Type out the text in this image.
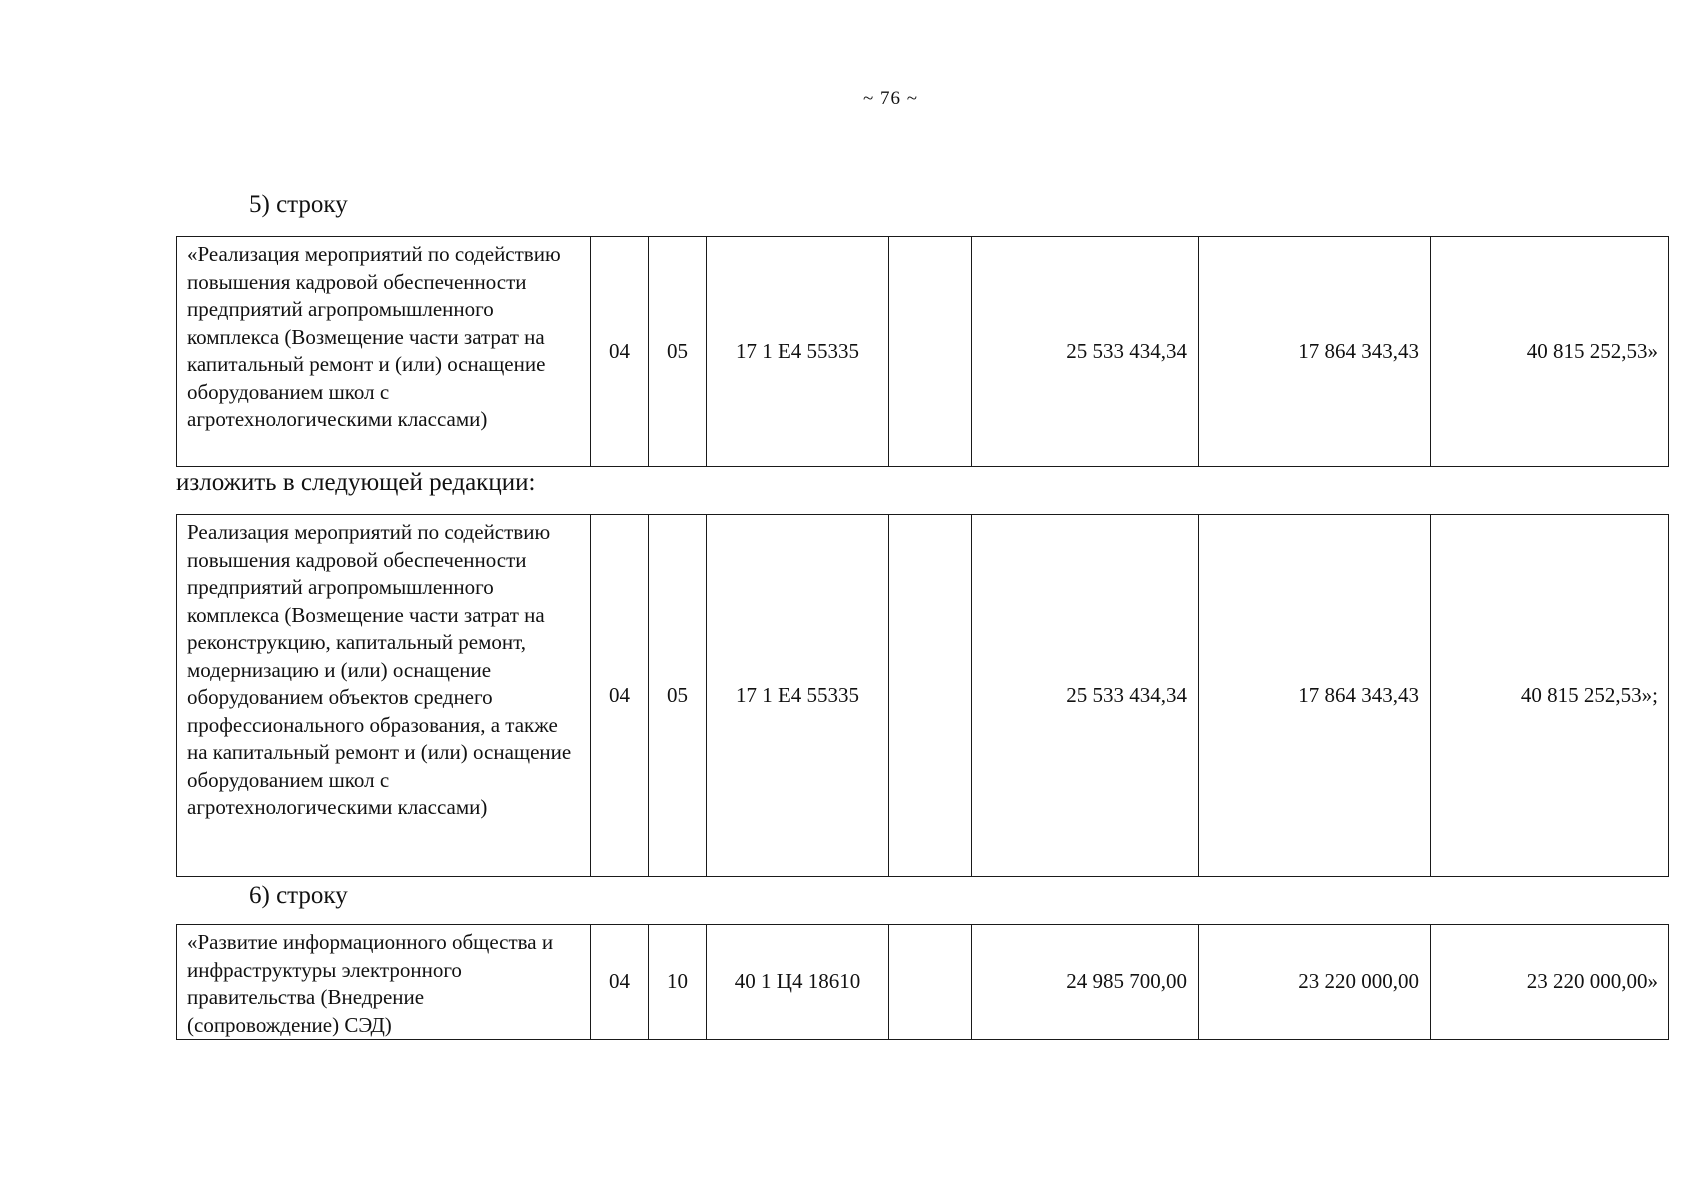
~ 76 ~
5) строку
«Реализация мероприятий по содействию повышения кадровой обеспеченности предприятий агропромышленного комплекса (Возмещение части затрат на капитальный ремонт и (или) оснащение оборудованием школ с агротехнологическими классами)	04	05	17 1 Е4 55335		25 533 434,34	17 864 343,43	40 815 252,53»
изложить в следующей редакции:
Реализация мероприятий по содействию повышения кадровой обеспеченности предприятий агропромышленного комплекса (Возмещение части затрат на реконструкцию, капитальный ремонт, модернизацию и (или) оснащение оборудованием объектов среднего профессионального образования, а также на капитальный ремонт и (или) оснащение оборудованием школ с агротехнологическими классами)	04	05	17 1 Е4 55335		25 533 434,34	17 864 343,43	40 815 252,53»;
6) строку
«Развитие информационного общества и инфраструктуры электронного правительства (Внедрение (сопровождение) СЭД)	04	10	40 1 Ц4 18610		24 985 700,00	23 220 000,00	23 220 000,00»
